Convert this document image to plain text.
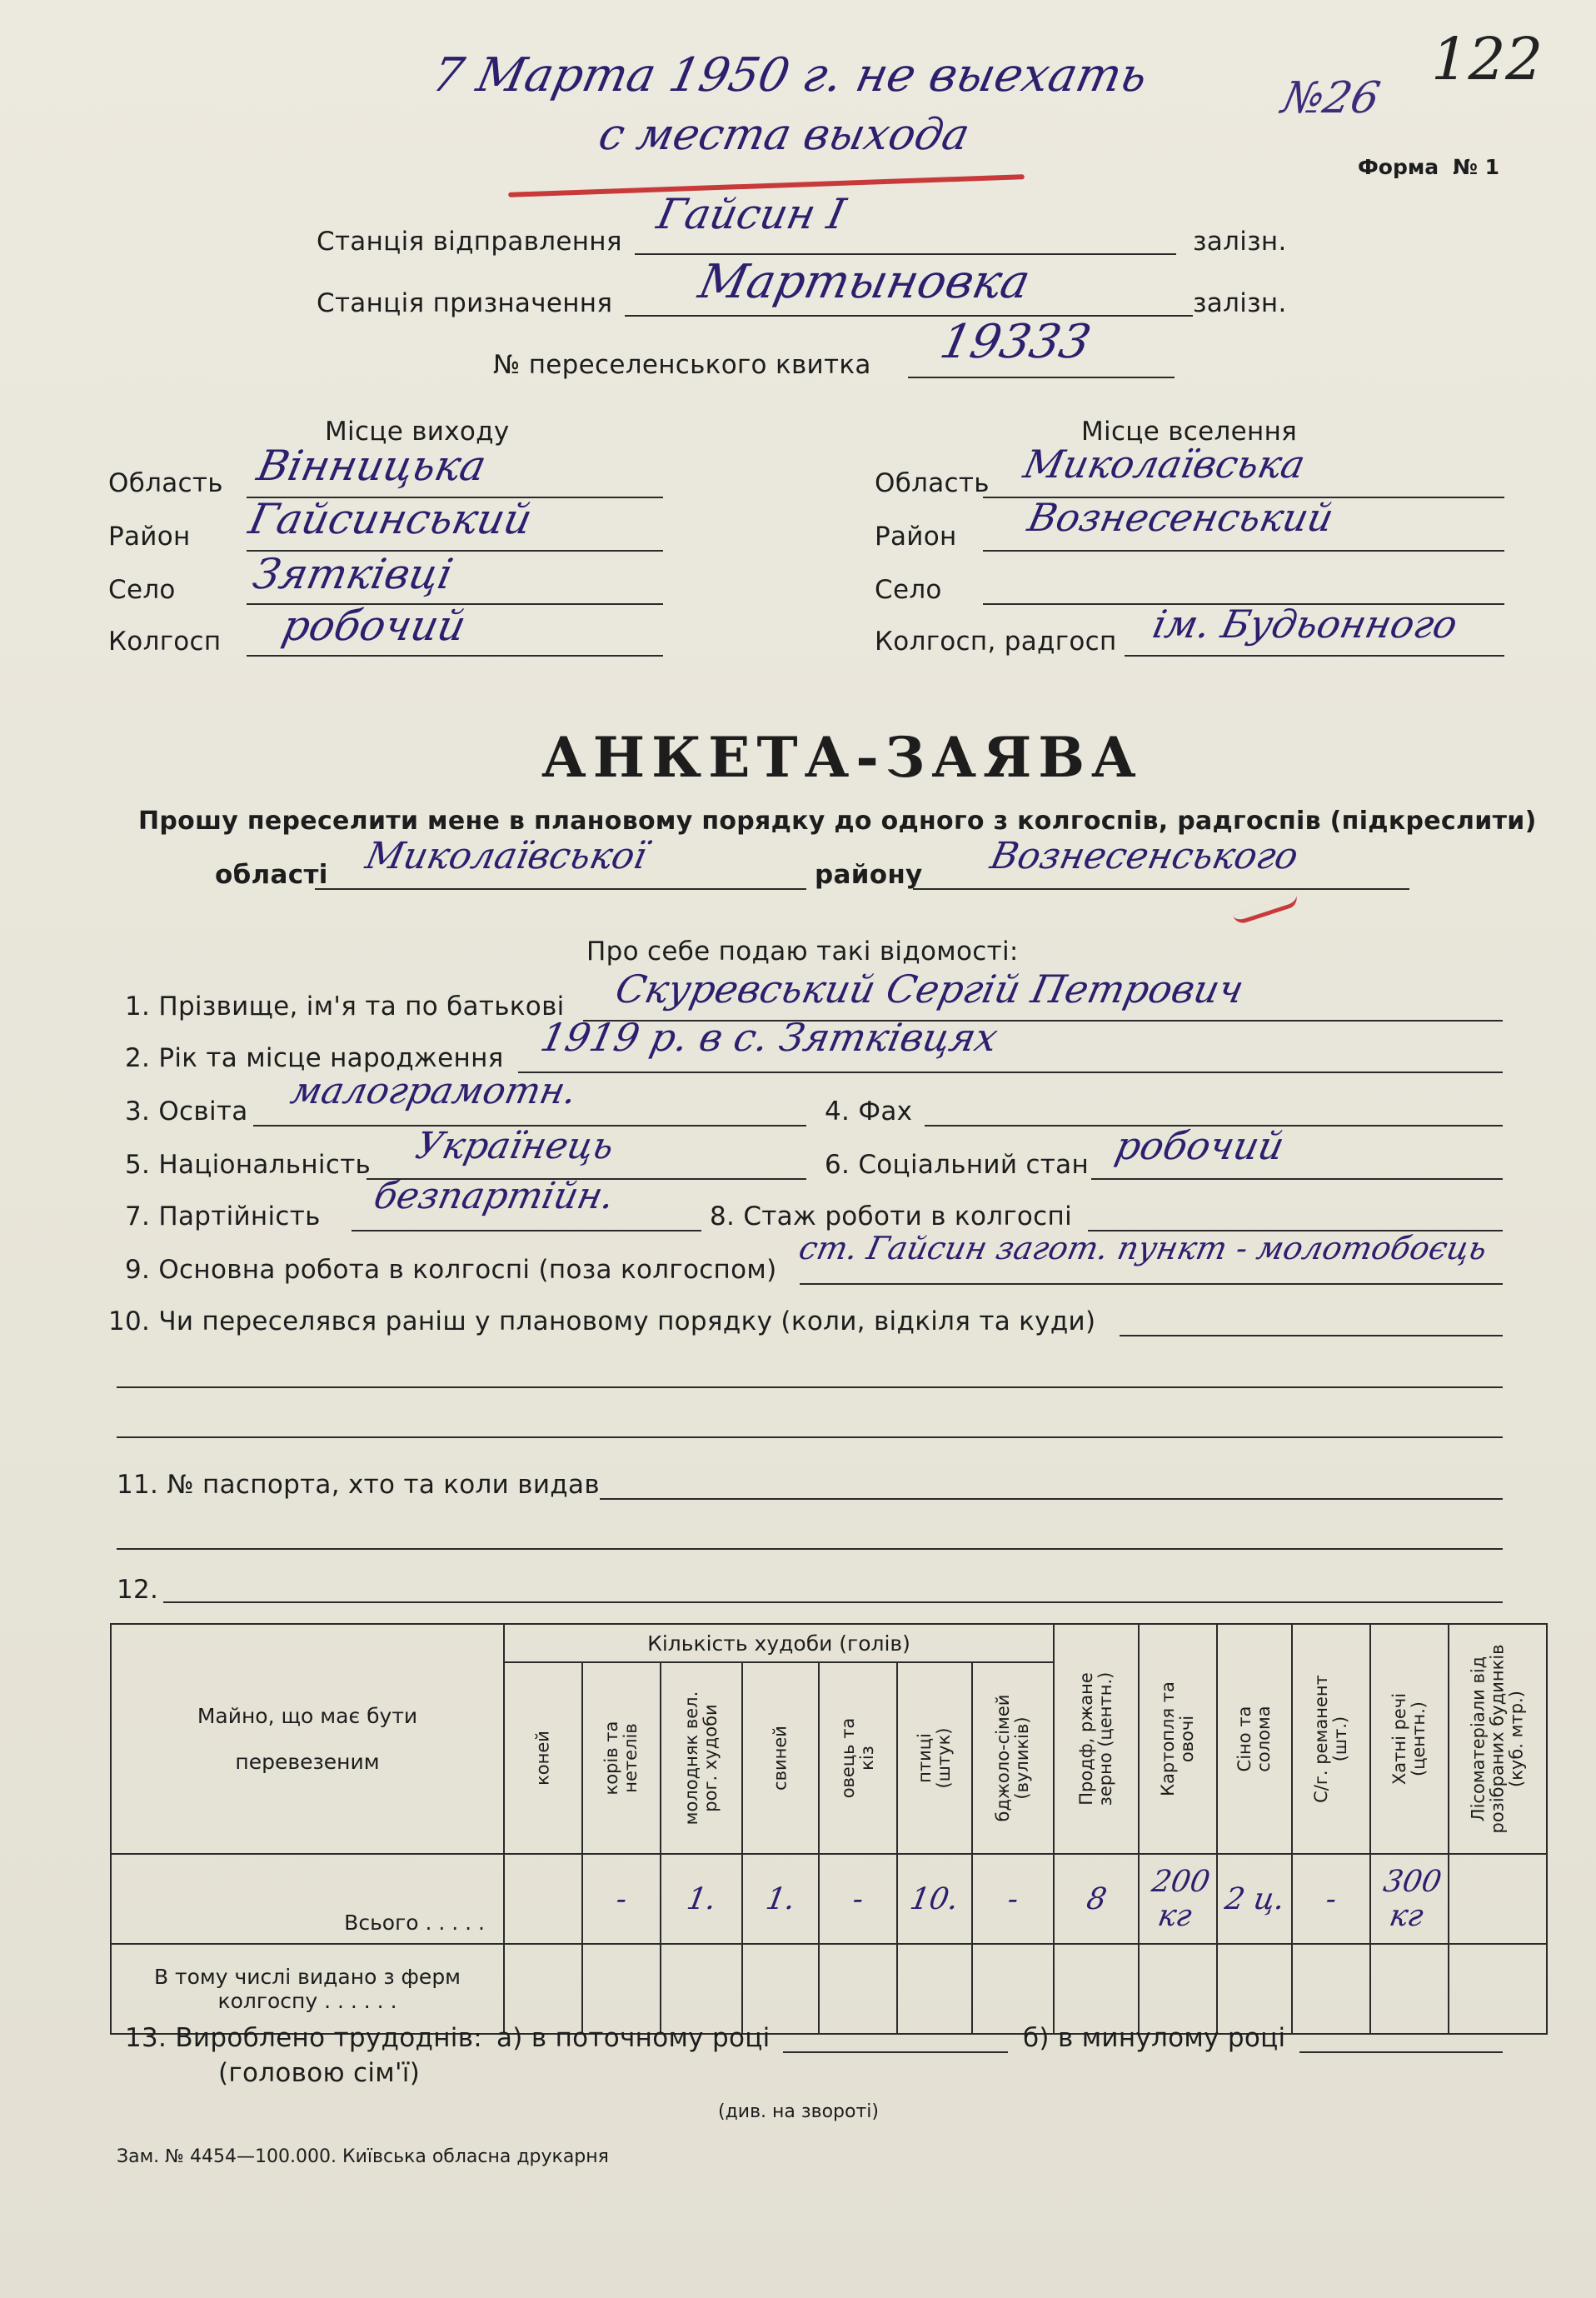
7 Марта 1950 г. не выехать
с места выхода
№26
122
Форма № 1
Станція відправлення
Гайсин I
залізн.
Станція призначення Мартыновка	залізн.
№ переселенського квитка 19333
Місце виходу
Область Вінницька
Район Гайсинський
Село Зятківці
Колгосп робочий
Місце вселення
Область Миколаївська
Район Вознесенський
Село
Колгосп, радгосп ім. Будьонного
АНКЕТА-ЗАЯВА
Прошу переселити мене в плановому порядку до одного з колгоспів, радгоспів (підкреслити)
області Миколаївської	району Вознесенського
Про себе подаю такі відомості:
1. Прізвище, ім'я та по батькові Скуревський Сергій Петрович
2. Рік та місце народження 1919 р. в с. Зятківцях
3. Освіта малограмотн.	4. Фах
5. Національність Українець	6. Соціальний стан робочий
7. Партійність безпартійн.	8. Стаж роботи в колгоспі
9. Основна робота в колгоспі (поза колгоспом)
ст. Гайсин загот. пункт - молотобоєць
10. Чи переселявся раніш у плановому порядку (коли, відкіля та куди)
11. № паспорта, хто та коли видав
12.
Майно, що має бути
перевезеним	Кількість худоби (голів)							Продф, ржане зерно (центн.)	Картопля та овочі	Сіно та солома	С/г. реманент (шт.)	Хатні речі (центн.)	Лісоматеріали від розібраних будинків (куб. мтр.)

	коней	корів та нетелів	молодняк вел. рог. худоби	свиней	овець та кіз	птиці (штук)	бджоло-сімей (вуликів)						

Всього . . . . .		-	1.	1.	-	10.	-	8	200 кг	2 ц.	-	300 кг	
В тому числі видано з ферм колгоспу . . . . . .													
13. Вироблено трудоднів:
(головою сім'ї)
а) в поточному році	б) в минулому році
(див. на звороті)
Зам. № 4454—100.000. Київська обласна друкарня
